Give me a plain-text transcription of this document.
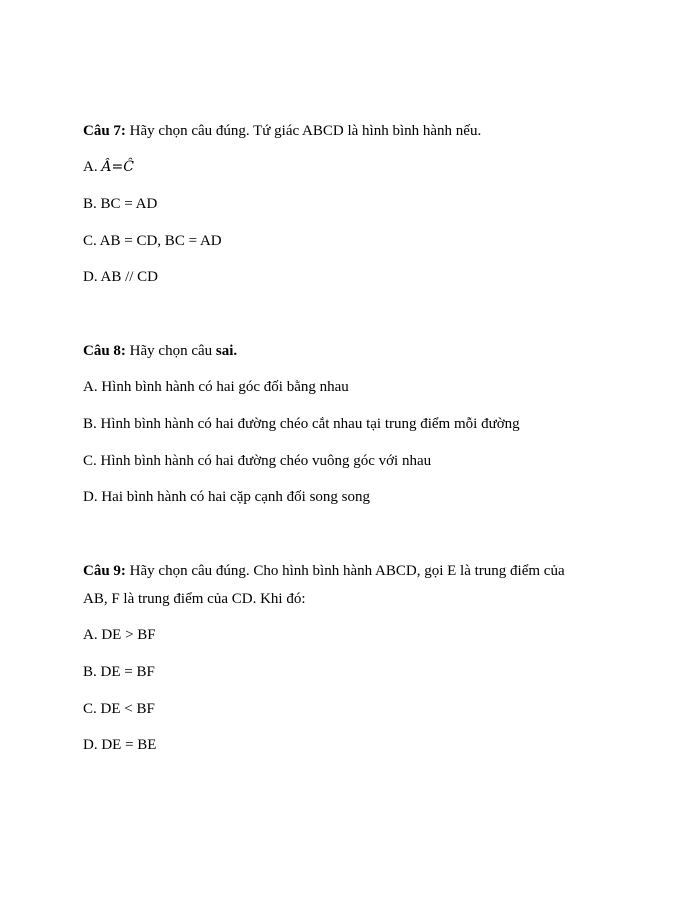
Câu 7: Hãy chọn câu đúng. Tứ giác ABCD là hình bình hành nếu.
A. Â=Ĉ
B. BC = AD
C. AB = CD, BC = AD
D. AB // CD
Câu 8: Hãy chọn câu sai.
A. Hình bình hành có hai góc đối bằng nhau
B. Hình bình hành có hai đường chéo cắt nhau tại trung điểm mỗi đường
C. Hình bình hành có hai đường chéo vuông góc với nhau
D. Hai bình hành có hai cặp cạnh đối song song
Câu 9: Hãy chọn câu đúng. Cho hình bình hành ABCD, gọi E là trung điểm của
AB, F là trung điểm của CD. Khi đó:
A. DE > BF
B. DE = BF
C. DE < BF
D. DE = BE
